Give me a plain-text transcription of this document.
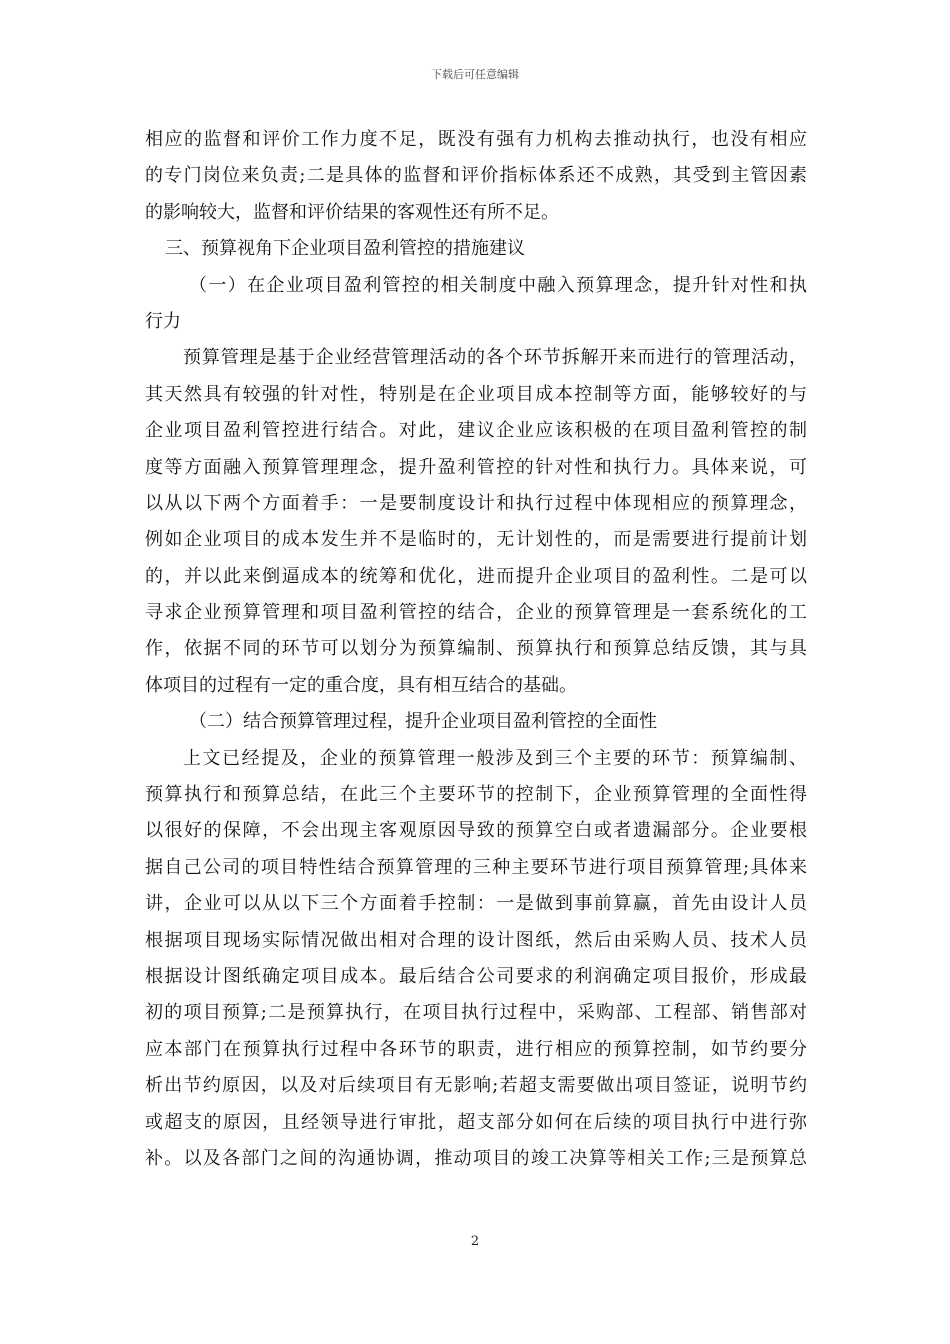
下载后可任意编辑
相应的监督和评价工作力度不足，既没有强有力机构去推动执行，也没有相应
的专门岗位来负责;二是具体的监督和评价指标体系还不成熟，其受到主管因素
的影响较大，监督和评价结果的客观性还有所不足。
三、预算视角下企业项目盈利管控的措施建议
（一）在企业项目盈利管控的相关制度中融入预算理念，提升针对性和执
行力
预算管理是基于企业经营管理活动的各个环节拆解开来而进行的管理活动，
其天然具有较强的针对性，特别是在企业项目成本控制等方面，能够较好的与
企业项目盈利管控进行结合。对此，建议企业应该积极的在项目盈利管控的制
度等方面融入预算管理理念，提升盈利管控的针对性和执行力。具体来说，可
以从以下两个方面着手：一是要制度设计和执行过程中体现相应的预算理念，
例如企业项目的成本发生并不是临时的，无计划性的，而是需要进行提前计划
的，并以此来倒逼成本的统筹和优化，进而提升企业项目的盈利性。二是可以
寻求企业预算管理和项目盈利管控的结合，企业的预算管理是一套系统化的工
作，依据不同的环节可以划分为预算编制、预算执行和预算总结反馈，其与具
体项目的过程有一定的重合度，具有相互结合的基础。
（二）结合预算管理过程，提升企业项目盈利管控的全面性
上文已经提及，企业的预算管理一般涉及到三个主要的环节：预算编制、
预算执行和预算总结，在此三个主要环节的控制下，企业预算管理的全面性得
以很好的保障，不会出现主客观原因导致的预算空白或者遗漏部分。企业要根
据自己公司的项目特性结合预算管理的三种主要环节进行项目预算管理;具体来
讲，企业可以从以下三个方面着手控制：一是做到事前算赢，首先由设计人员
根据项目现场实际情况做出相对合理的设计图纸，然后由采购人员、技术人员
根据设计图纸确定项目成本。最后结合公司要求的利润确定项目报价，形成最
初的项目预算;二是预算执行，在项目执行过程中，采购部、工程部、销售部对
应本部门在预算执行过程中各环节的职责，进行相应的预算控制，如节约要分
析出节约原因，以及对后续项目有无影响;若超支需要做出项目签证，说明节约
或超支的原因，且经领导进行审批，超支部分如何在后续的项目执行中进行弥
补。以及各部门之间的沟通协调，推动项目的竣工决算等相关工作;三是预算总
2
